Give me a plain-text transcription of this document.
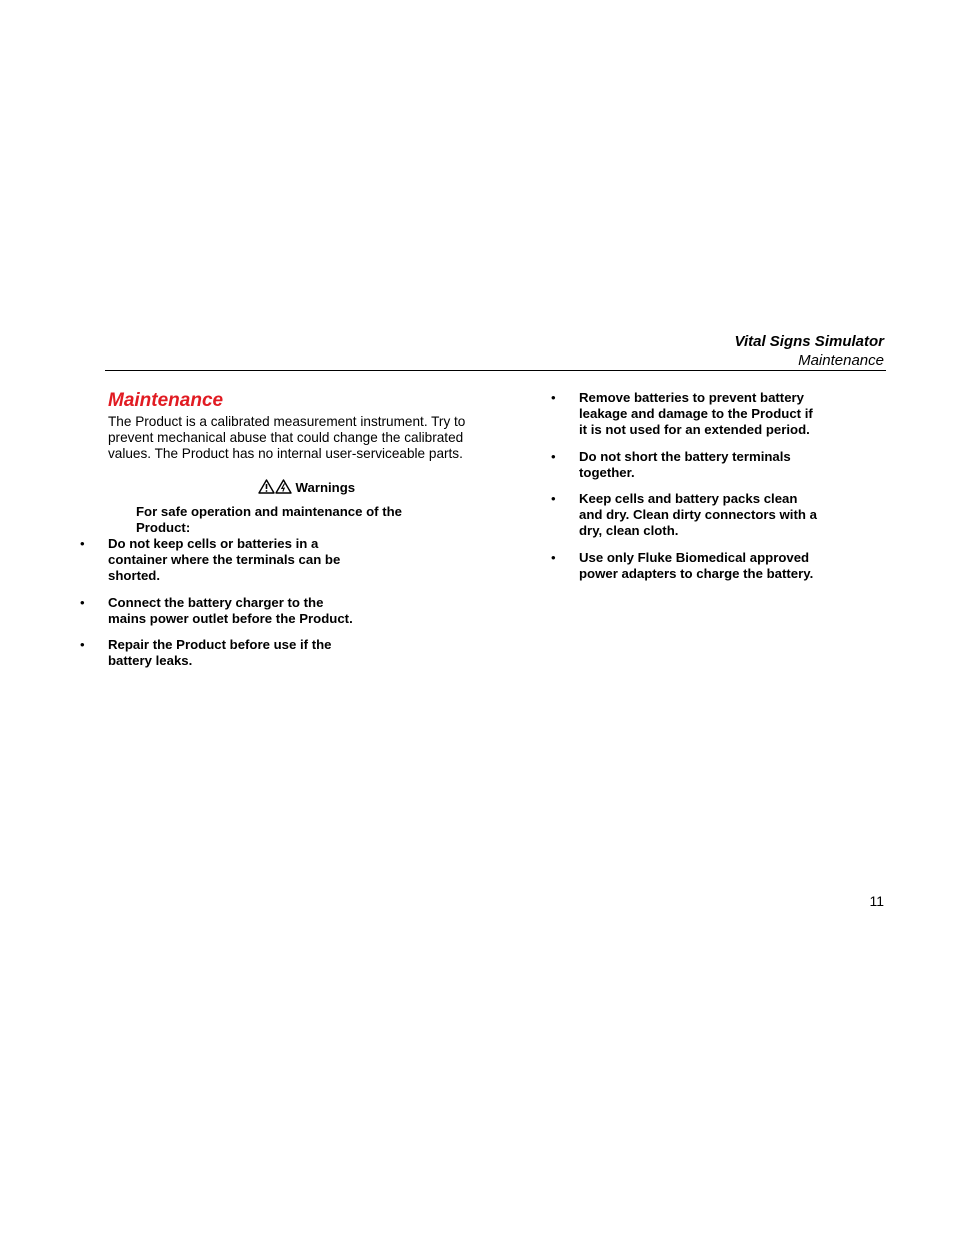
Vital Signs Simulator
Maintenance
Maintenance

The Product is a calibrated measurement instrument. Try to prevent mechanical abuse that could change the calibrated values. The Product has no internal user-serviceable parts.

Warnings
For safe operation and maintenance of the Product:
• Do not keep cells or batteries in a container where the terminals can be shorted.
• Connect the battery charger to the mains power outlet before the Product.
• Repair the Product before use if the battery leaks.
• Remove batteries to prevent battery leakage and damage to the Product if it is not used for an extended period.
• Do not short the battery terminals together.
• Keep cells and battery packs clean and dry. Clean dirty connectors with a dry, clean cloth.
• Use only Fluke Biomedical approved power adapters to charge the battery.
11
